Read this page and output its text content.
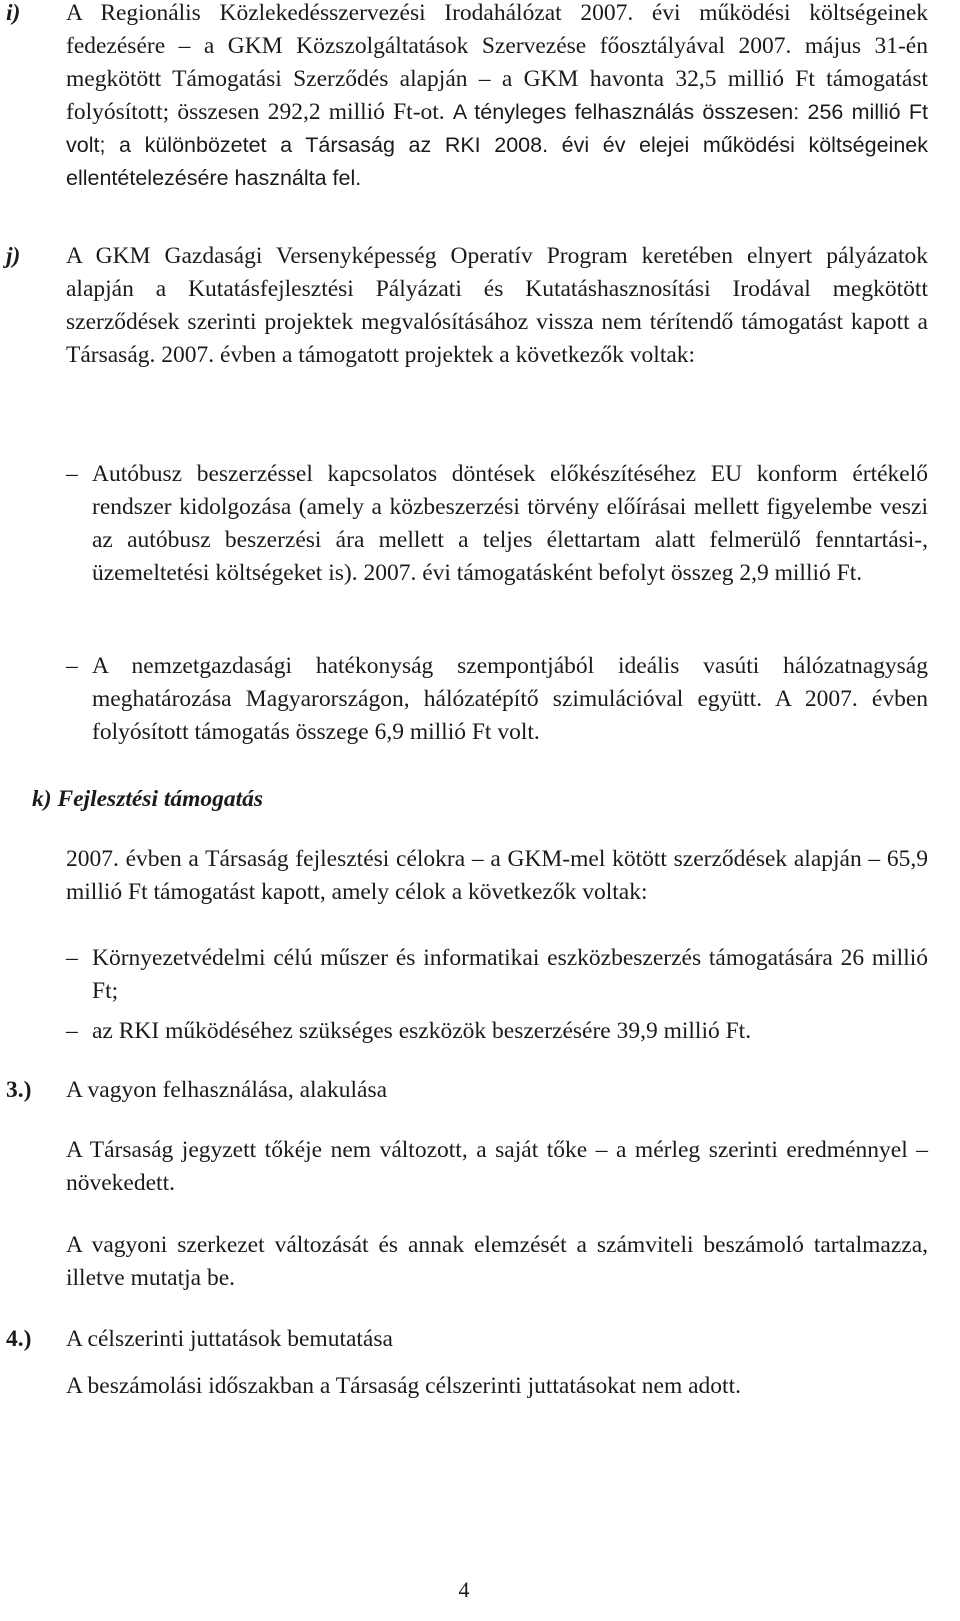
i) A Regionális Közlekedésszervezési Irodahálózat 2007. évi működési költségeinek fedezésére – a GKM Közszolgáltatások Szervezése főosztályával 2007. május 31-én megkötött Támogatási Szerződés alapján – a GKM havonta 32,5 millió Ft támogatást folyósított; összesen 292,2 millió Ft-ot. A tényleges felhasználás összesen: 256 millió Ft volt; a különbözetet a Társaság az RKI 2008. évi év elejei működési költségeinek ellentételezésére használta fel.
j) A GKM Gazdasági Versenyképesség Operatív Program keretében elnyert pályázatok alapján a Kutatásfejlesztési Pályázati és Kutatáshasznosítási Irodával megkötött szerződések szerinti projektek megvalósításához vissza nem térítendő támogatást kapott a Társaság. 2007. évben a támogatott projektek a következők voltak:
– Autóbusz beszerzéssel kapcsolatos döntések előkészítéséhez EU konform értékelő rendszer kidolgozása (amely a közbeszerzési törvény előírásai mellett figyelembe veszi az autóbusz beszerzési ára mellett a teljes élettartam alatt felmerülő fenntartási-, üzemeltetési költségeket is). 2007. évi támogatásként befolyt összeg 2,9 millió Ft.
– A nemzetgazdasági hatékonyság szempontjából ideális vasúti hálózatnagyság meghatározása Magyarországon, hálózatépítő szimulációval együtt. A 2007. évben folyósított támogatás összege 6,9 millió Ft volt.
k) Fejlesztési támogatás
2007. évben a Társaság fejlesztési célokra – a GKM-mel kötött szerződések alapján – 65,9 millió Ft támogatást kapott, amely célok a következők voltak:
– Környezetvédelmi célú műszer és informatikai eszközbeszerzés támogatására 26 millió Ft;
– az RKI működéséhez szükséges eszközök beszerzésére 39,9 millió Ft.
3.) A vagyon felhasználása, alakulása
A Társaság jegyzett tőkéje nem változott, a saját tőke – a mérleg szerinti eredménnyel – növekedett.
A vagyoni szerkezet változását és annak elemzését a számviteli beszámoló tartalmazza, illetve mutatja be.
4.) A célszerinti juttatások bemutatása
A beszámolási időszakban a Társaság célszerinti juttatásokat nem adott.
4
